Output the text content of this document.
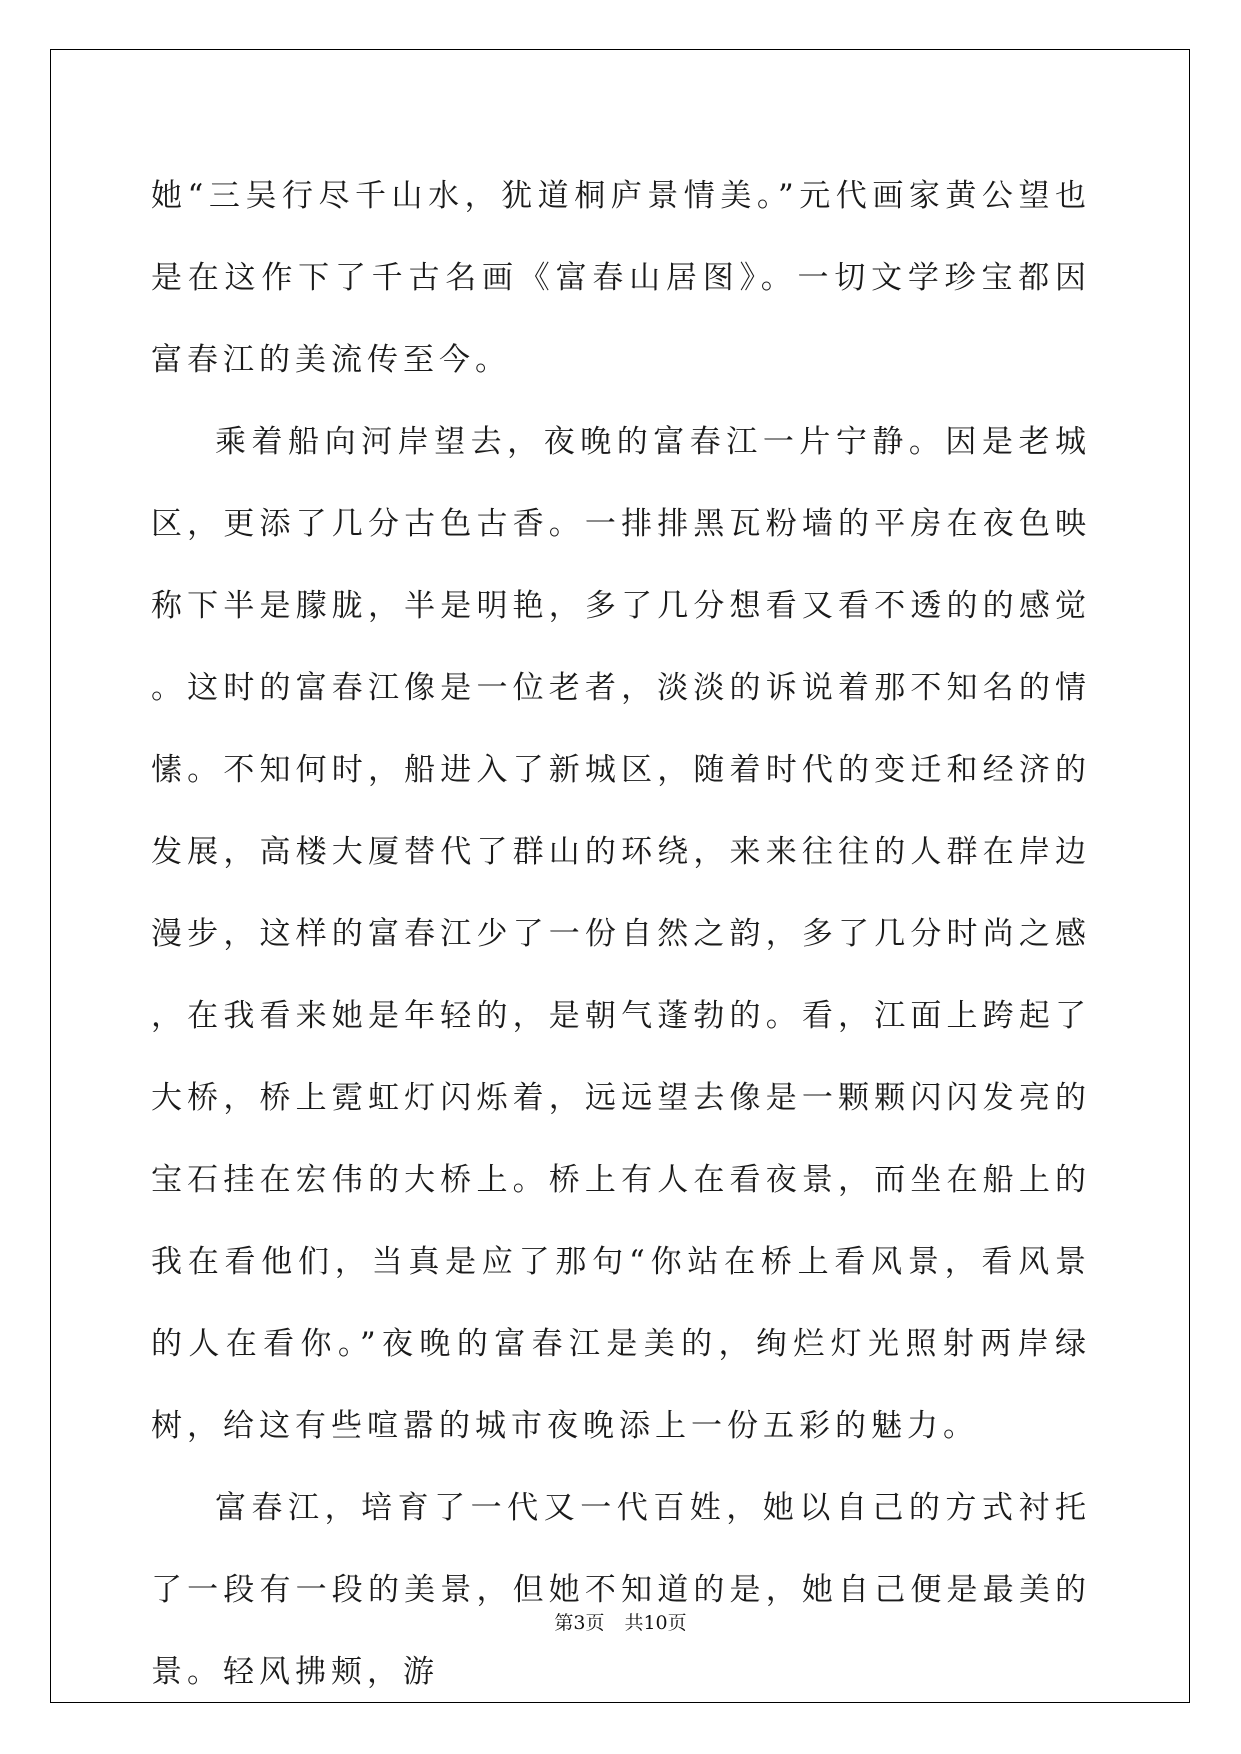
她“三吴行尽千山水，犹道桐庐景情美。”元代画家黄公望也是在这作下了千古名画《富春山居图》。一切文学珍宝都因富春江的美流传至今。

乘着船向河岸望去，夜晚的富春江一片宁静。因是老城区，更添了几分古色古香。一排排黑瓦粉墙的平房在夜色映称下半是朦胧，半是明艳，多了几分想看又看不透的的感觉。这时的富春江像是一位老者，淡淡的诉说着那不知名的情愫。不知何时，船进入了新城区，随着时代的变迁和经济的发展，高楼大厦替代了群山的环绕，来来往往的人群在岸边漫步，这样的富春江少了一份自然之韵，多了几分时尚之感，在我看来她是年轻的，是朝气蓬勃的。看，江面上跨起了大桥，桥上霓虹灯闪烁着，远远望去像是一颗颗闪闪发亮的宝石挂在宏伟的大桥上。桥上有人在看夜景，而坐在船上的我在看他们，当真是应了那句“你站在桥上看风景，看风景的人在看你。”夜晚的富春江是美的，绚烂灯光照射两岸绿树，给这有些喧嚣的城市夜晚添上一份五彩的魅力。

富春江，培育了一代又一代百姓，她以自己的方式衬托了一段有一段的美景，但她不知道的是，她自己便是最美的景。轻风拂颊，游

第3页 共10页
